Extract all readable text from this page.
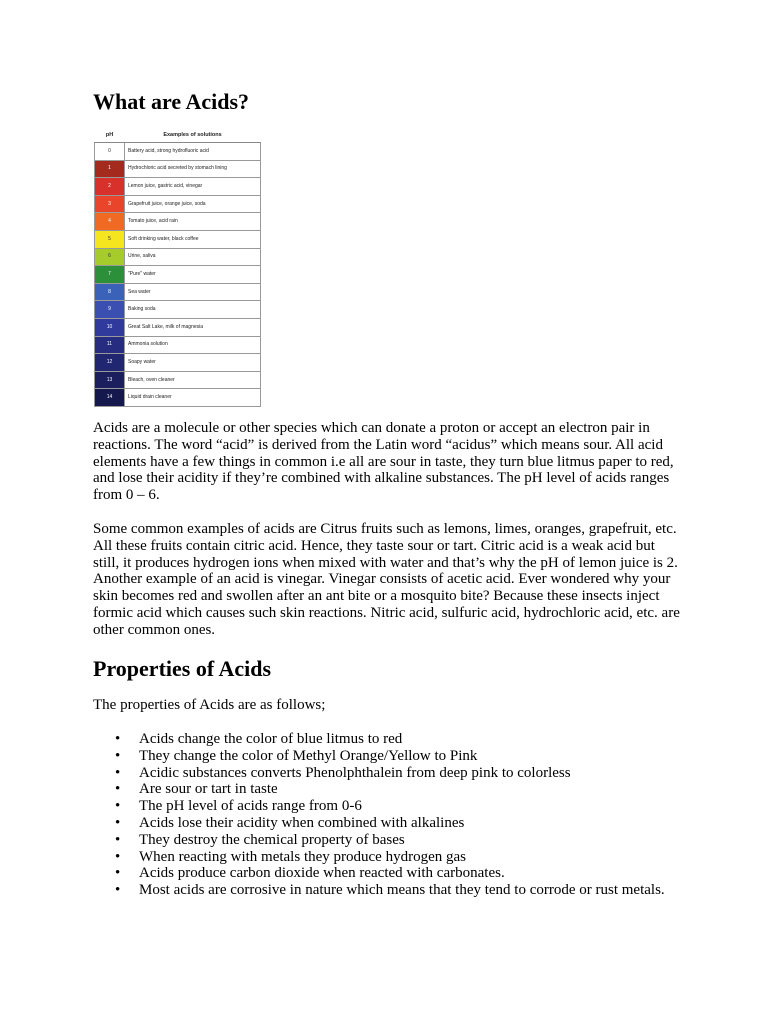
What are Acids?
pH	Examples of solutions
0	Battery acid, strong hydrofluoric acid
1	Hydrochloric acid secreted by stomach lining
2	Lemon juice, gastric acid, vinegar
3	Grapefruit juice, orange juice, soda
4	Tomato juice, acid rain
5	Soft drinking water, black coffee
6	Urine, saliva
7	"Pure" water
8	Sea water
9	Baking soda
10	Great Salt Lake, milk of magnesia
11	Ammonia solution
12	Soapy water
13	Bleach, oven cleaner
14	Liquid drain cleaner

Acids are a molecule or other species which can donate a proton or accept an electron pair in reactions. The word “acid” is derived from the Latin word “acidus” which means sour. All acid elements have a few things in common i.e all are sour in taste, they turn blue litmus paper to red, and lose their acidity if they’re combined with alkaline substances. The pH level of acids ranges from 0 – 6.

Some common examples of acids are Citrus fruits such as lemons, limes, oranges, grapefruit, etc. All these fruits contain citric acid. Hence, they taste sour or tart. Citric acid is a weak acid but still, it produces hydrogen ions when mixed with water and that’s why the pH of lemon juice is 2. Another example of an acid is vinegar. Vinegar consists of acetic acid. Ever wondered why your skin becomes red and swollen after an ant bite or a mosquito bite? Because these insects inject formic acid which causes such skin reactions. Nitric acid, sulfuric acid, hydrochloric acid, etc. are other common ones.

Properties of Acids

The properties of Acids are as follows;

• Acids change the color of blue litmus to red
• They change the color of Methyl Orange/Yellow to Pink
• Acidic substances converts Phenolphthalein from deep pink to colorless
• Are sour or tart in taste
• The pH level of acids range from 0-6
• Acids lose their acidity when combined with alkalines
• They destroy the chemical property of bases
• When reacting with metals they produce hydrogen gas
• Acids produce carbon dioxide when reacted with carbonates.
• Most acids are corrosive in nature which means that they tend to corrode or rust metals.
